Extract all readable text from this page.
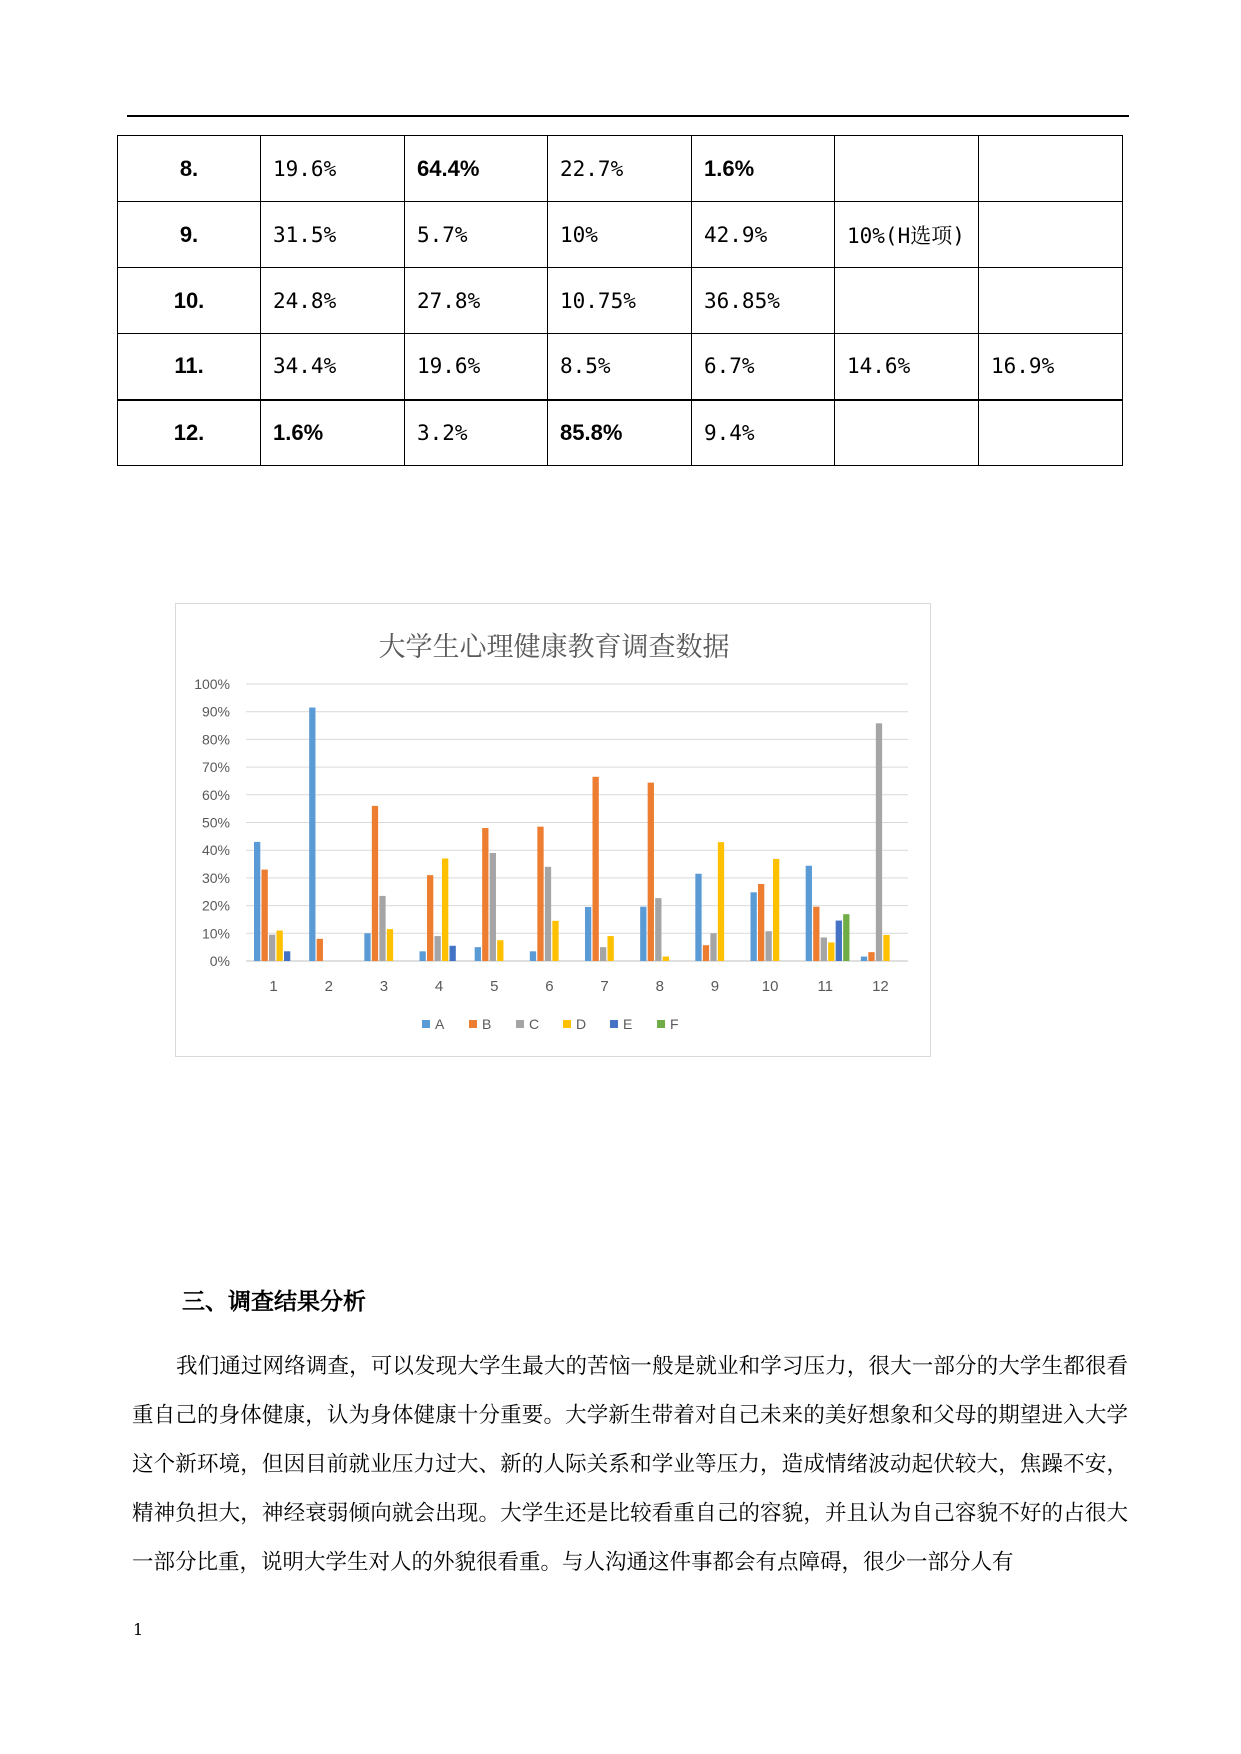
8.	19.6%	64.4%	22.7%	1.6%		
9.	31.5%	5.7%	10%	42.9%	10%(H选项)	
10.	24.8%	27.8%	10.75%	36.85%		
11.	34.4%	19.6%	8.5%	6.7%	14.6%	16.9%
12.	1.6%	3.2%	85.8%	9.4%		
大学生心理健康教育调查数据
0%
10%
20%
30%
40%
50%
60%
70%
80%
90%
100%
1	2	3	4	5	6	7	8	9	10	11	12
A	B	C	D	E	F
三、调查结果分析
我们通过网络调查，可以发现大学生最大的苦恼一般是就业和学习压力，很大一部分的大学生都很看重自己的身体健康，认为身体健康十分重要。大学新生带着对自己未来的美好想象和父母的期望进入大学这个新环境，但因目前就业压力过大、新的人际关系和学业等压力，造成情绪波动起伏较大，焦躁不安，精神负担大，神经衰弱倾向就会出现。大学生还是比较看重自己的容貌，并且认为自己容貌不好的占很大一部分比重，说明大学生对人的外貌很看重。与人沟通这件事都会有点障碍，很少一部分人有
1
